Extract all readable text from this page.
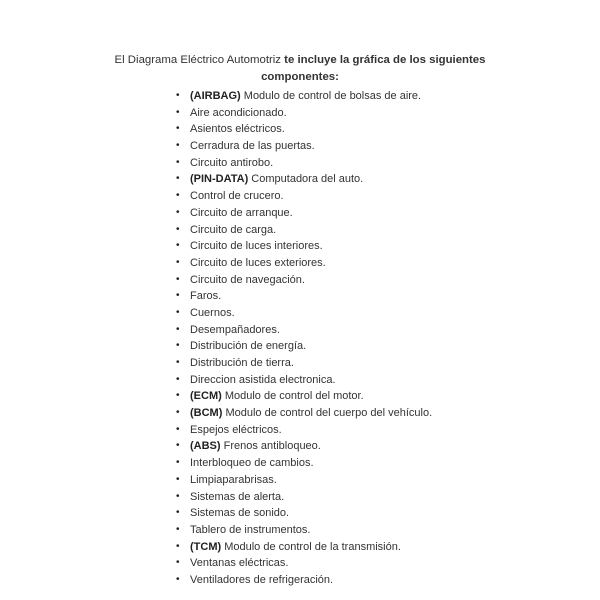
El Diagrama Eléctrico Automotriz te incluye la gráfica de los siguientes componentes:

• (AIRBAG) Modulo de control de bolsas de aire.
• Aire acondicionado.
• Asientos eléctricos.
• Cerradura de las puertas.
• Circuito antirobo.
• (PIN-DATA) Computadora del auto.
• Control de crucero.
• Circuito de arranque.
• Circuito de carga.
• Circuito de luces interiores.
• Circuito de luces exteriores.
• Circuito de navegación.
• Faros.
• Cuernos.
• Desempañadores.
• Distribución de energía.
• Distribución de tierra.
• Direccion asistida electronica.
• (ECM) Modulo de control del motor.
• (BCM) Modulo de control del cuerpo del vehículo.
• Espejos eléctricos.
• (ABS) Frenos antibloqueo.
• Interbloqueo de cambios.
• Limpiaparabrisas.
• Sistemas de alerta.
• Sistemas de sonido.
• Tablero de instrumentos.
• (TCM) Modulo de control de la transmisión.
• Ventanas eléctricas.
• Ventiladores de refrigeración.
